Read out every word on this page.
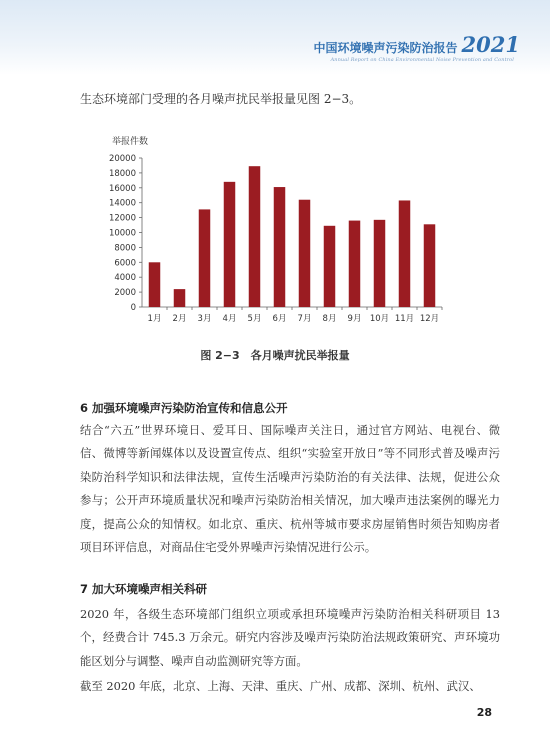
中国环境噪声污染防治报告 2021
Annual Report on China Environmental Noise Prevention and Control
生态环境部门受理的各月噪声扰民举报量见图 2−3。
举报件数
0
2000
4000
6000
8000
10000
12000
14000
16000
18000
20000
1月 2月 3月 4月 5月 6月 7月 8月 9月 10月 11月 12月
图 2−3　各月噪声扰民举报量
6 加强环境噪声污染防治宣传和信息公开
结合“六五”世界环境日、爱耳日、国际噪声关注日，通过官方网站、电视台、微信、微博等新闻媒体以及设置宣传点、组织“实验室开放日”等不同形式普及噪声污染防治科学知识和法律法规，宣传生活噪声污染防治的有关法律、法规，促进公众参与；公开声环境质量状况和噪声污染防治相关情况，加大噪声违法案例的曝光力度，提高公众的知情权。如北京、重庆、杭州等城市要求房屋销售时须告知购房者项目环评信息，对商品住宅受外界噪声污染情况进行公示。
7 加大环境噪声相关科研
2020 年，各级生态环境部门组织立项或承担环境噪声污染防治相关科研项目 13 个，经费合计 745.3 万余元。研究内容涉及噪声污染防治法规政策研究、声环境功能区划分与调整、噪声自动监测研究等方面。
截至 2020 年底，北京、上海、天津、重庆、广州、成都、深圳、杭州、武汉、
28
